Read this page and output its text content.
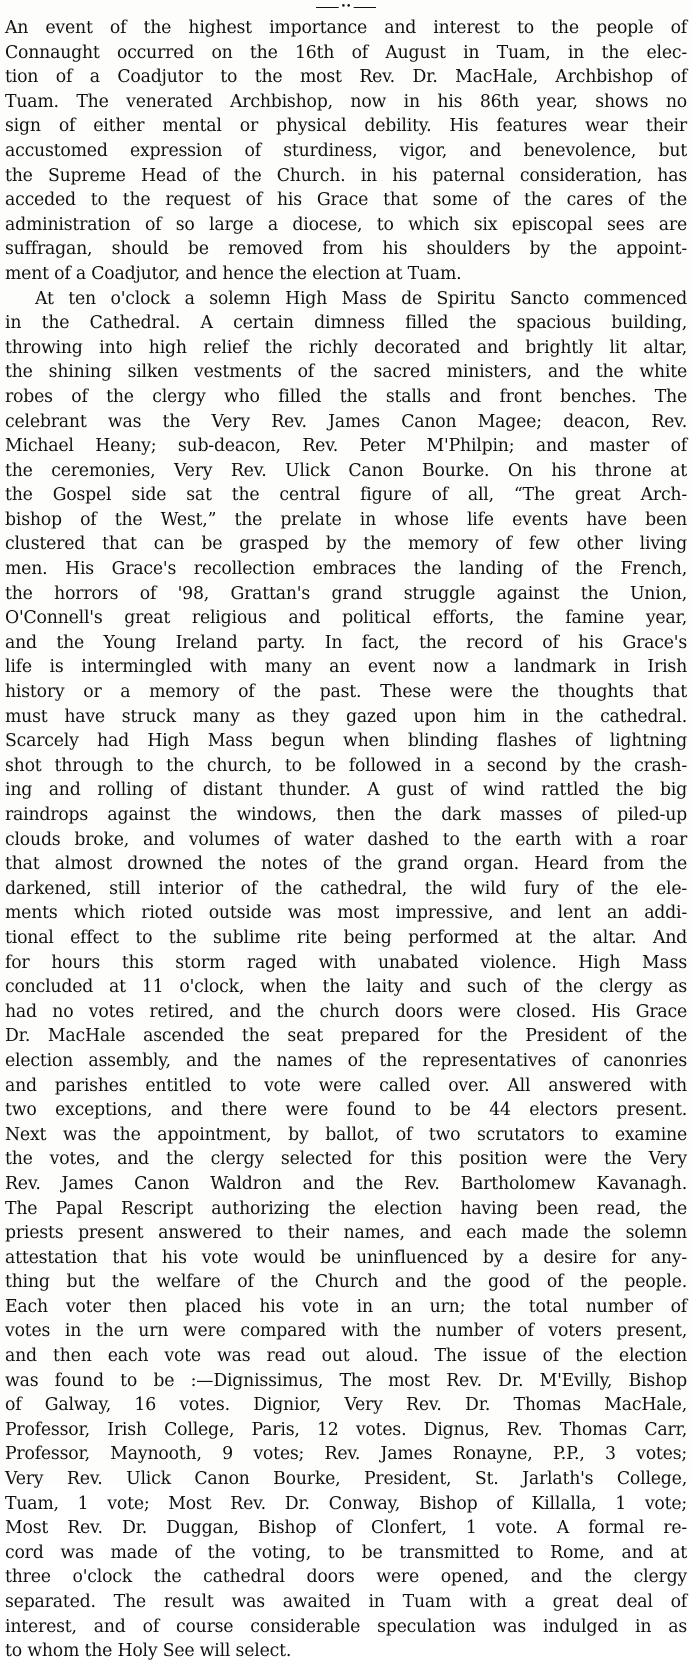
••
An event of the highest importance and interest to the people of
Connaught occurred on the 16th of August in Tuam, in the elec-
tion of a Coadjutor to the most Rev. Dr. MacHale, Archbishop of
Tuam. The venerated Archbishop, now in his 86th year, shows no
sign of either mental or physical debility. His features wear their
accustomed expression of sturdiness, vigor, and benevolence, but
the Supreme Head of the Church. in his paternal consideration, has
acceded to the request of his Grace that some of the cares of the
administration of so large a diocese, to which six episcopal sees are
suffragan, should be removed from his shoulders by the appoint-
ment of a Coadjutor, and hence the election at Tuam.
At ten o'clock a solemn High Mass de Spiritu Sancto commenced
in the Cathedral. A certain dimness filled the spacious building,
throwing into high relief the richly decorated and brightly lit altar,
the shining silken vestments of the sacred ministers, and the white
robes of the clergy who filled the stalls and front benches. The
celebrant was the Very Rev. James Canon Magee; deacon, Rev.
Michael Heany; sub-deacon, Rev. Peter M'Philpin; and master of
the ceremonies, Very Rev. Ulick Canon Bourke. On his throne at
the Gospel side sat the central figure of all, “The great Arch-
bishop of the West,” the prelate in whose life events have been
clustered that can be grasped by the memory of few other living
men. His Grace's recollection embraces the landing of the French,
the horrors of '98, Grattan's grand struggle against the Union,
O'Connell's great religious and political efforts, the famine year,
and the Young Ireland party. In fact, the record of his Grace's
life is intermingled with many an event now a landmark in Irish
history or a memory of the past. These were the thoughts that
must have struck many as they gazed upon him in the cathedral.
Scarcely had High Mass begun when blinding flashes of lightning
shot through to the church, to be followed in a second by the crash-
ing and rolling of distant thunder. A gust of wind rattled the big
raindrops against the windows, then the dark masses of piled-up
clouds broke, and volumes of water dashed to the earth with a roar
that almost drowned the notes of the grand organ. Heard from the
darkened, still interior of the cathedral, the wild fury of the ele-
ments which rioted outside was most impressive, and lent an addi-
tional effect to the sublime rite being performed at the altar. And
for hours this storm raged with unabated violence. High Mass
concluded at 11 o'clock, when the laity and such of the clergy as
had no votes retired, and the church doors were closed. His Grace
Dr. MacHale ascended the seat prepared for the President of the
election assembly, and the names of the representatives of canonries
and parishes entitled to vote were called over. All answered with
two exceptions, and there were found to be 44 electors present.
Next was the appointment, by ballot, of two scrutators to examine
the votes, and the clergy selected for this position were the Very
Rev. James Canon Waldron and the Rev. Bartholomew Kavanagh.
The Papal Rescript authorizing the election having been read, the
priests present answered to their names, and each made the solemn
attestation that his vote would be uninfluenced by a desire for any-
thing but the welfare of the Church and the good of the people.
Each voter then placed his vote in an urn; the total number of
votes in the urn were compared with the number of voters present,
and then each vote was read out aloud. The issue of the election
was found to be :—Dignissimus, The most Rev. Dr. M'Evilly, Bishop
of Galway, 16 votes. Dignior, Very Rev. Dr. Thomas MacHale,
Professor, Irish College, Paris, 12 votes. Dignus, Rev. Thomas Carr,
Professor, Maynooth, 9 votes; Rev. James Ronayne, P.P., 3 votes;
Very Rev. Ulick Canon Bourke, President, St. Jarlath's College,
Tuam, 1 vote; Most Rev. Dr. Conway, Bishop of Killalla, 1 vote;
Most Rev. Dr. Duggan, Bishop of Clonfert, 1 vote. A formal re-
cord was made of the voting, to be transmitted to Rome, and at
three o'clock the cathedral doors were opened, and the clergy
separated. The result was awaited in Tuam with a great deal of
interest, and of course considerable speculation was indulged in as
to whom the Holy See will select.
